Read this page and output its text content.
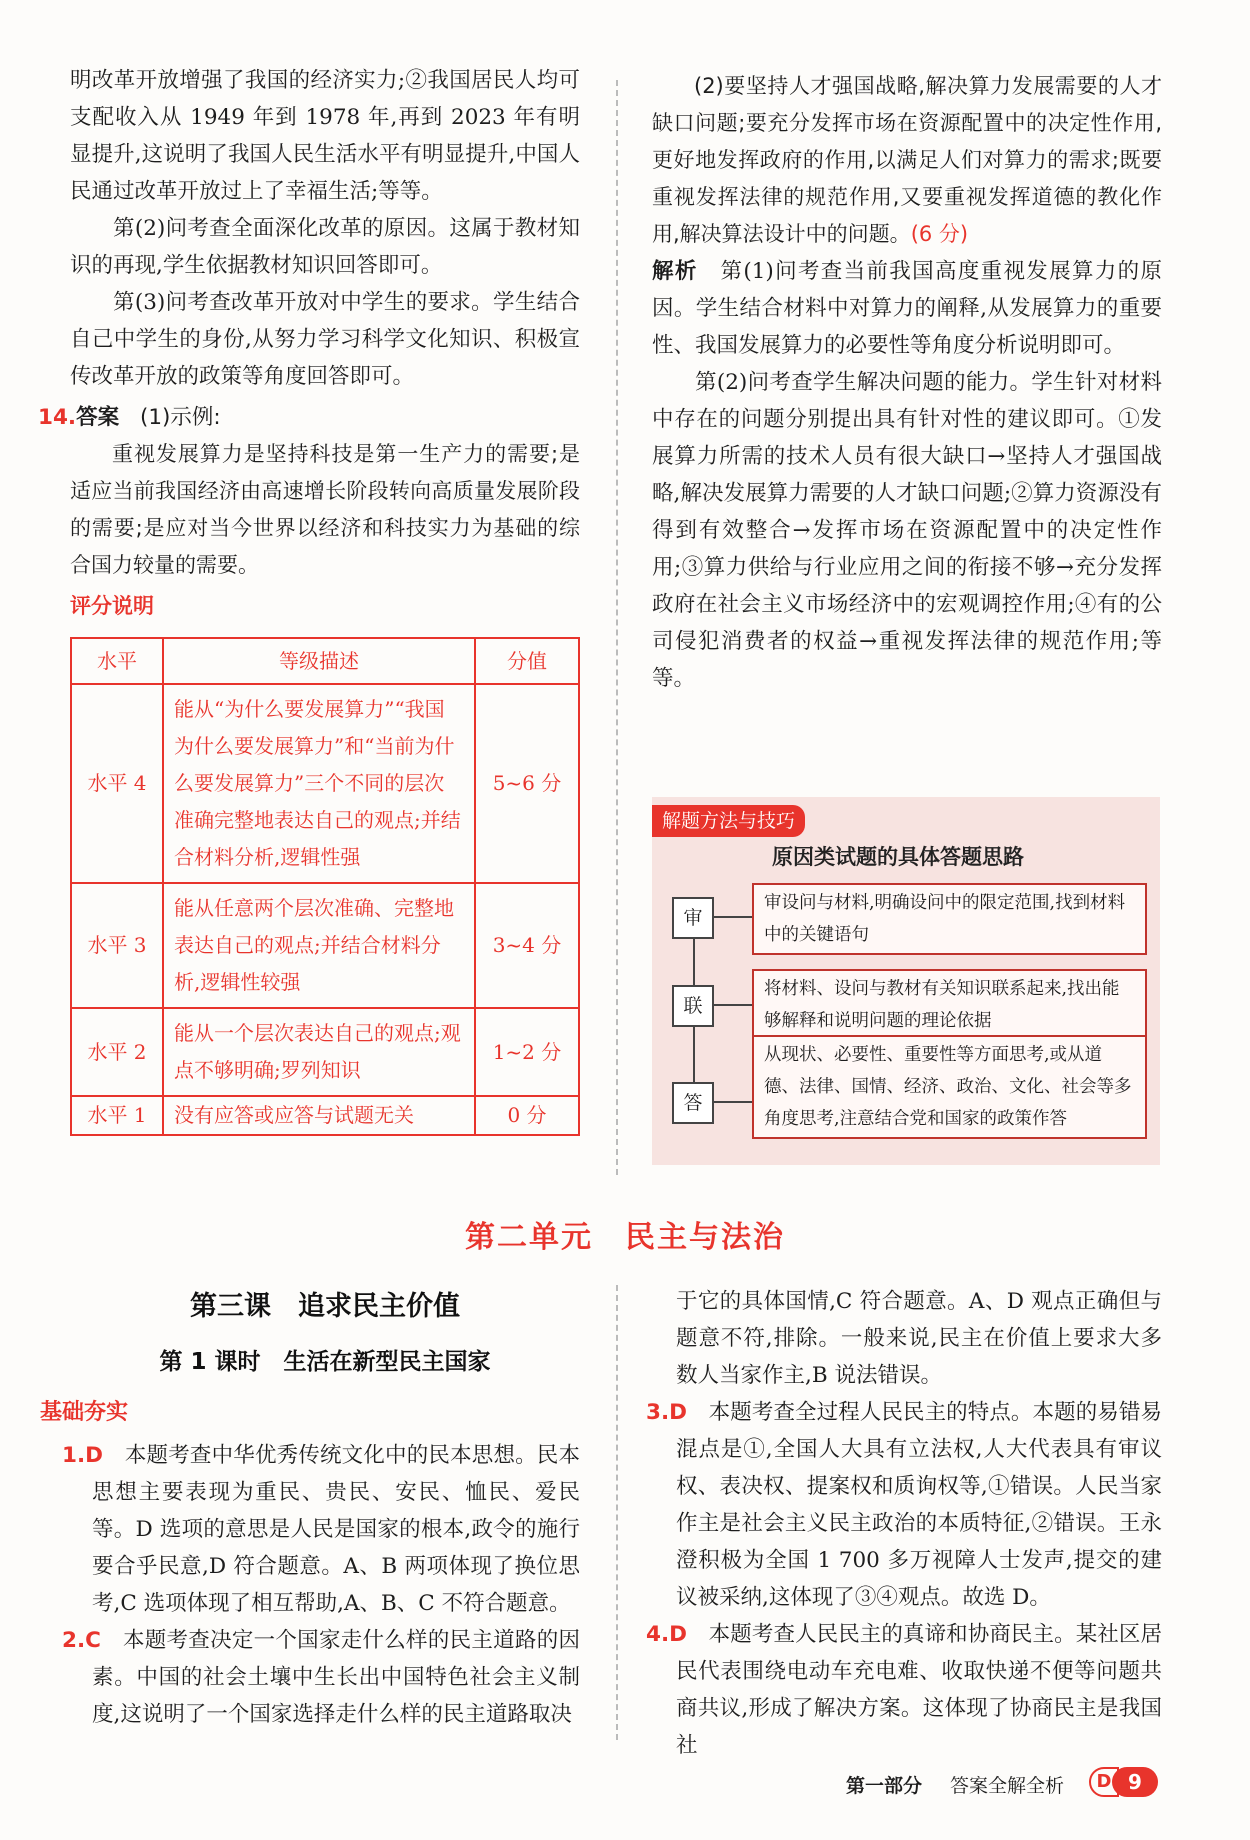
明改革开放增强了我国的经济实力;②我国居民人均可支配收入从 1949 年到 1978 年,再到 2023 年有明显提升,这说明了我国人民生活水平有明显提升,中国人民通过改革开放过上了幸福生活;等等。

第(2)问考查全面深化改革的原因。这属于教材知识的再现,学生依据教材知识回答即可。

第(3)问考查改革开放对中学生的要求。学生结合自己中学生的身份,从努力学习科学文化知识、积极宣传改革开放的政策等角度回答即可。

14.答案 (1)示例:

重视发展算力是坚持科技是第一生产力的需要;是适应当前我国经济由高速增长阶段转向高质量发展阶段的需要;是应对当今世界以经济和科技实力为基础的综合国力较量的需要。

评分说明
水平	等级描述	分值
水平 4	能从“为什么要发展算力”“我国为什么要发展算力”和“当前为什么要发展算力”三个不同的层次准确完整地表达自己的观点;并结合材料分析,逻辑性强	5~6 分
水平 3	能从任意两个层次准确、完整地表达自己的观点;并结合材料分析,逻辑性较强	3~4 分
水平 2	能从一个层次表达自己的观点;观点不够明确;罗列知识	1~2 分
水平 1	没有应答或应答与试题无关	0 分

(2)要坚持人才强国战略,解决算力发展需要的人才缺口问题;要充分发挥市场在资源配置中的决定性作用,更好地发挥政府的作用,以满足人们对算力的需求;既要重视发挥法律的规范作用,又要重视发挥道德的教化作用,解决算法设计中的问题。(6 分)

解析　 第(1)问考查当前我国高度重视发展算力的原因。学生结合材料中对算力的阐释,从发展算力的重要性、我国发展算力的必要性等角度分析说明即可。

第(2)问考查学生解决问题的能力。学生针对材料中存在的问题分别提出具有针对性的建议即可。①发展算力所需的技术人员有很大缺口→坚持人才强国战略,解决发展算力需要的人才缺口问题;②算力资源没有得到有效整合→发挥市场在资源配置中的决定性作用;③算力供给与行业应用之间的衔接不够→充分发挥政府在社会主义市场经济中的宏观调控作用;④有的公司侵犯消费者的权益→重视发挥法律的规范作用;等等。

解题方法与技巧
原因类试题的具体答题思路
审
审设问与材料,明确设问中的限定范围,找到材料中的关键语句
联
将材料、设问与教材有关知识联系起来,找出能够解释和说明问题的理论依据
答
从现状、必要性、重要性等方面思考,或从道德、法律、国情、经济、政治、文化、社会等多角度思考,注意结合党和国家的政策作答
第二单元　民主与法治
第三课　追求民主价值
第 1 课时　生活在新型民主国家
基础夯实

1.D　 本题考查中华优秀传统文化中的民本思想。民本思想主要表现为重民、贵民、安民、恤民、爱民等。D 选项的意思是人民是国家的根本,政令的施行要合乎民意,D 符合题意。A、B 两项体现了换位思考,C 选项体现了相互帮助,A、B、C 不符合题意。

2.C　 本题考查决定一个国家走什么样的民主道路的因素。中国的社会土壤中生长出中国特色社会主义制度,这说明了一个国家选择走什么样的民主道路取决

于它的具体国情,C 符合题意。A、D 观点正确但与题意不符,排除。一般来说,民主在价值上要求大多数人当家作主,B 说法错误。

3.D　 本题考查全过程人民民主的特点。本题的易错易混点是①,全国人大具有立法权,人大代表具有审议权、表决权、提案权和质询权等,①错误。人民当家作主是社会主义民主政治的本质特征,②错误。王永澄积极为全国 1 700 多万视障人士发声,提交的建议被采纳,这体现了③④观点。故选 D。

4.D　 本题考查人民民主的真谛和协商民主。某社区居民代表围绕电动车充电难、收取快递不便等问题共商共议,形成了解决方案。这体现了协商民主是我国社

第一部分 答案全解全析	D 9
